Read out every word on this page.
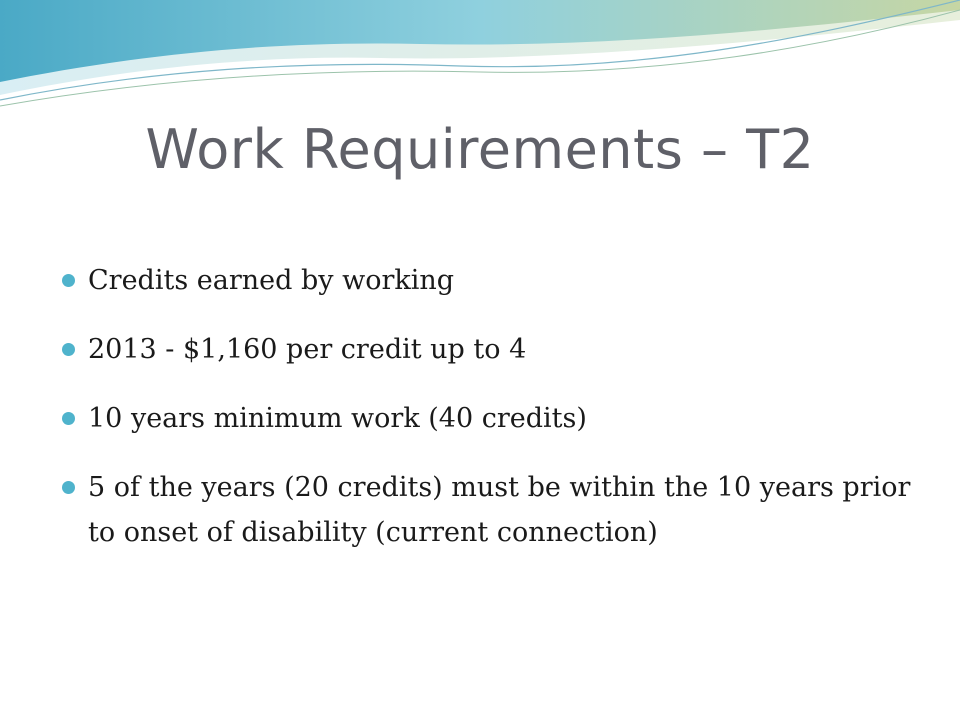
Work Requirements – T2
Credits earned by working
2013 - $1,160 per credit up to 4
10 years minimum work (40 credits)
5 of the years (20 credits) must be within the 10 years prior to onset of disability (current connection)
